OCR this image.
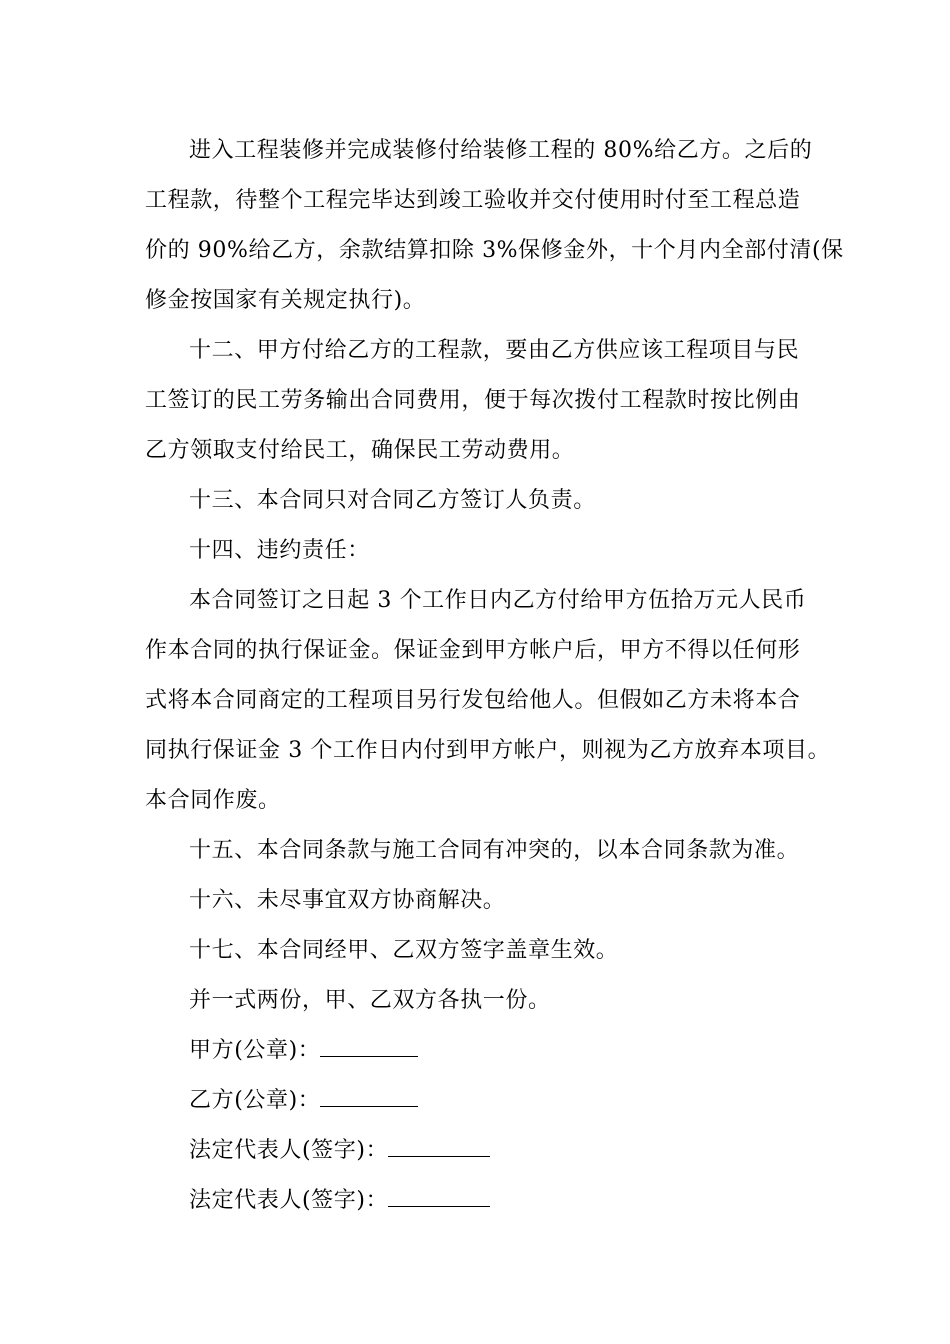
进入工程装修并完成装修付给装修工程的 80%给乙方。之后的
工程款，待整个工程完毕达到竣工验收并交付使用时付至工程总造
价的 90%给乙方，余款结算扣除 3%保修金外，十个月内全部付清(保
修金按国家有关规定执行)。

十二、甲方付给乙方的工程款，要由乙方供应该工程项目与民
工签订的民工劳务输出合同费用，便于每次拨付工程款时按比例由
乙方领取支付给民工，确保民工劳动费用。

十三、本合同只对合同乙方签订人负责。

十四、违约责任：

本合同签订之日起 3 个工作日内乙方付给甲方伍拾万元人民币
作本合同的执行保证金。保证金到甲方帐户后，甲方不得以任何形
式将本合同商定的工程项目另行发包给他人。但假如乙方未将本合
同执行保证金 3 个工作日内付到甲方帐户，则视为乙方放弃本项目。
本合同作废。

十五、本合同条款与施工合同有冲突的，以本合同条款为准。

十六、未尽事宜双方协商解决。

十七、本合同经甲、乙双方签字盖章生效。

并一式两份，甲、乙双方各执一份。

甲方(公章)：
乙方(公章)：
法定代表人(签字)：
法定代表人(签字)：
